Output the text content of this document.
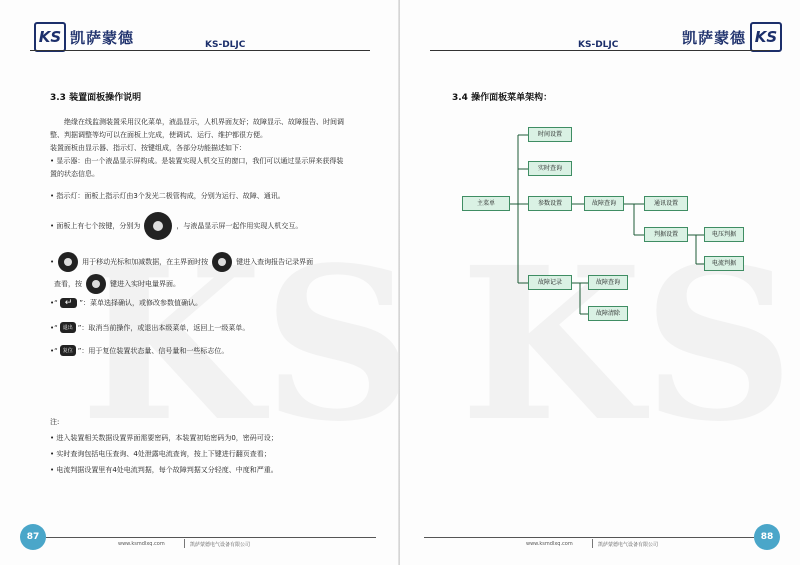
KS 凯萨蒙德	KS-DLJC
3.3 装置面板操作说明
绝缘在线监测装置采用汉化菜单，液晶显示，人机界面友好；故障显示、故障报告、时间调整、判据调整等均可以在面板上完成，使调试、运行、维护都很方便。
装置面板由显示器、指示灯、按键组成，各部分功能描述如下：
• 显示器：由一个液晶显示屏构成。是装置实现人机交互的窗口，我们可以通过显示屏来获得装置的状态信息。
• 指示灯：面板上指示灯由3个发光二极管构成，分别为运行、故障、通讯。
• 面板上有七个按键，分别为	，与液晶显示屏一起作用实现人机交互。
•	用于移动光标和加减数据，在主界面时按	键进入查询报告记录界面
查看，按	键进入实时电量界面。
• “ ↵	”：菜单选择确认，或修改参数值确认。
• “	退出 ”：取消当前操作，或退出本级菜单，返回上一级菜单。
• “	复位 ”：用于复位装置状态量、信号量和一些标志位。
注:
• 进入装置相关数据设置界面需要密码，本装置初始密码为0，密码可设；
• 实时查询包括电压查询、4处泄露电流查询，按上下键进行翻页查看；
• 电流判据设置里有4处电流判据，每个故障判据又分轻度、中度和严重。
87
www.ksmdlxq.com	凯萨蒙德电气设备有限公司
KS-DLJC	凯萨蒙德 KS
3.4 操作面板菜单架构：
主菜单
时间设置
实时查询
参数设置	故障查询	通讯设置
判据设置	电压判据
电流判据
故障记录	故障查询
故障清除
www.ksmdlxq.com	凯萨蒙德电气设备有限公司
88
